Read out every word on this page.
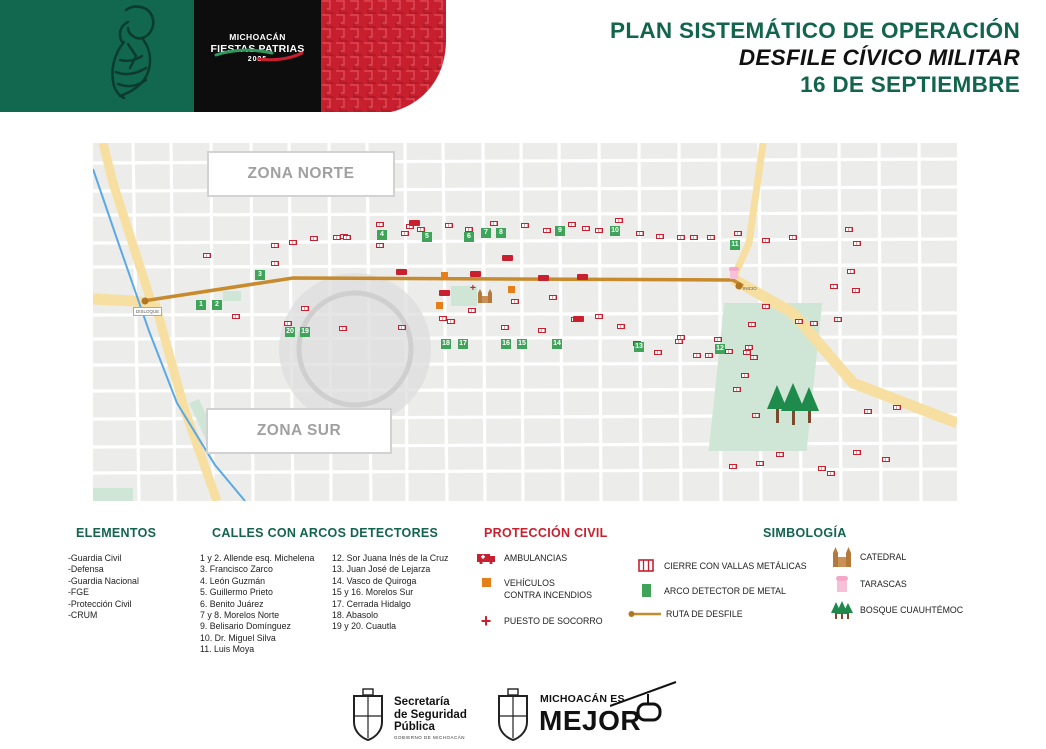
MICHOACÁN
FIESTAS PATRIAS
2025
PLAN SISTEMÁTICO DE OPERACIÓN
DESFILE CÍVICO MILITAR
16 DE SEPTIEMBRE
ZONA NORTE
ZONA SUR
DISLOQUE
INICIO
1	2
3
4	5	6
7	8	9	10
11
12
13
14
15
16
17
18
19
20
+
ELEMENTOS
-Guardia Civil
-Defensa
-Guardia Nacional
-FGE
-Protección Civil
-CRUM
CALLES CON ARCOS DETECTORES
1 y 2. Allende esq. Michelena
3. Francisco Zarco
4. León Guzmán
5. Guillermo Prieto
6. Benito Juárez
7 y 8. Morelos Norte
9. Belisario Domínguez
10. Dr. Miguel Silva
11. Luis Moya
12. Sor Juana Inés de la Cruz
13. Juan José de Lejarza
14. Vasco de Quiroga
15 y 16. Morelos Sur
17. Cerrada Hidalgo
18. Abasolo
19 y 20. Cuautla
PROTECCIÓN CIVIL
AMBULANCIAS
VEHÍCULOS
CONTRA INCENDIOS
+ PUESTO DE SOCORRO
SIMBOLOGÍA
CIERRE CON VALLAS METÁLICAS
ARCO DETECTOR DE METAL
RUTA DE DESFILE
CATEDRAL
TARASCAS
BOSQUE CUAUHTÉMOC
Secretaría
de Seguridad
Pública
GOBIERNO DE MICHOACÁN
MICHOACÁN ES
MEJOR
